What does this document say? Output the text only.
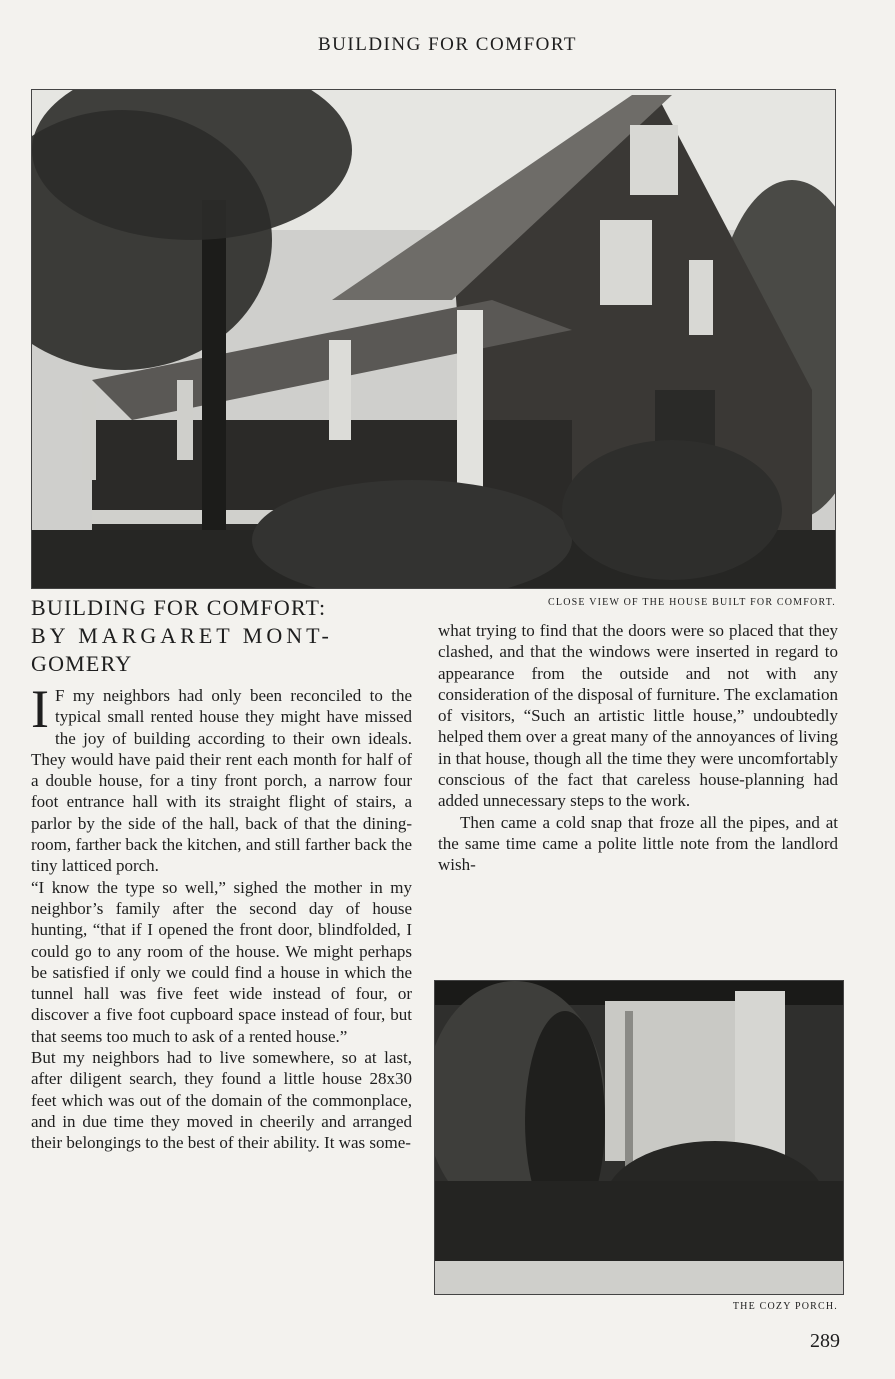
BUILDING FOR COMFORT
CLOSE VIEW OF THE HOUSE BUILT FOR COMFORT.
BUILDING FOR COMFORT:
BY MARGARET MONT-
GOMERY

I F my neighbors had only been reconciled to the typical small rented house they might have missed the joy of building according to their own ideals. They would have paid their rent each month for half of a double house, for a tiny front porch, a narrow four foot entrance hall with its straight flight of stairs, a parlor by the side of the hall, back of that the dining-room, farther back the kitchen, and still farther back the tiny latticed porch.

“I know the type so well,” sighed the mother in my neighbor’s family after the second day of house hunting, “that if I opened the front door, blindfolded, I could go to any room of the house. We might perhaps be satisfied if only we could find a house in which the tunnel hall was five feet wide instead of four, or discover a five foot cupboard space instead of four, but that seems too much to ask of a rented house.”

But my neighbors had to live somewhere, so at last, after diligent search, they found a little house 28x30 feet which was out of the domain of the commonplace, and in due time they moved in cheerily and arranged their belongings to the best of their ability. It was some-

what trying to find that the doors were so placed that they clashed, and that the windows were inserted in regard to appearance from the outside and not with any consideration of the disposal of furniture. The exclamation of visitors, “Such an artistic little house,” undoubtedly helped them over a great many of the annoyances of living in that house, though all the time they were uncomfortably conscious of the fact that careless house-planning had added unnecessary steps to the work.

Then came a cold snap that froze all the pipes, and at the same time came a polite little note from the landlord wish-

THE COZY PORCH.
289
